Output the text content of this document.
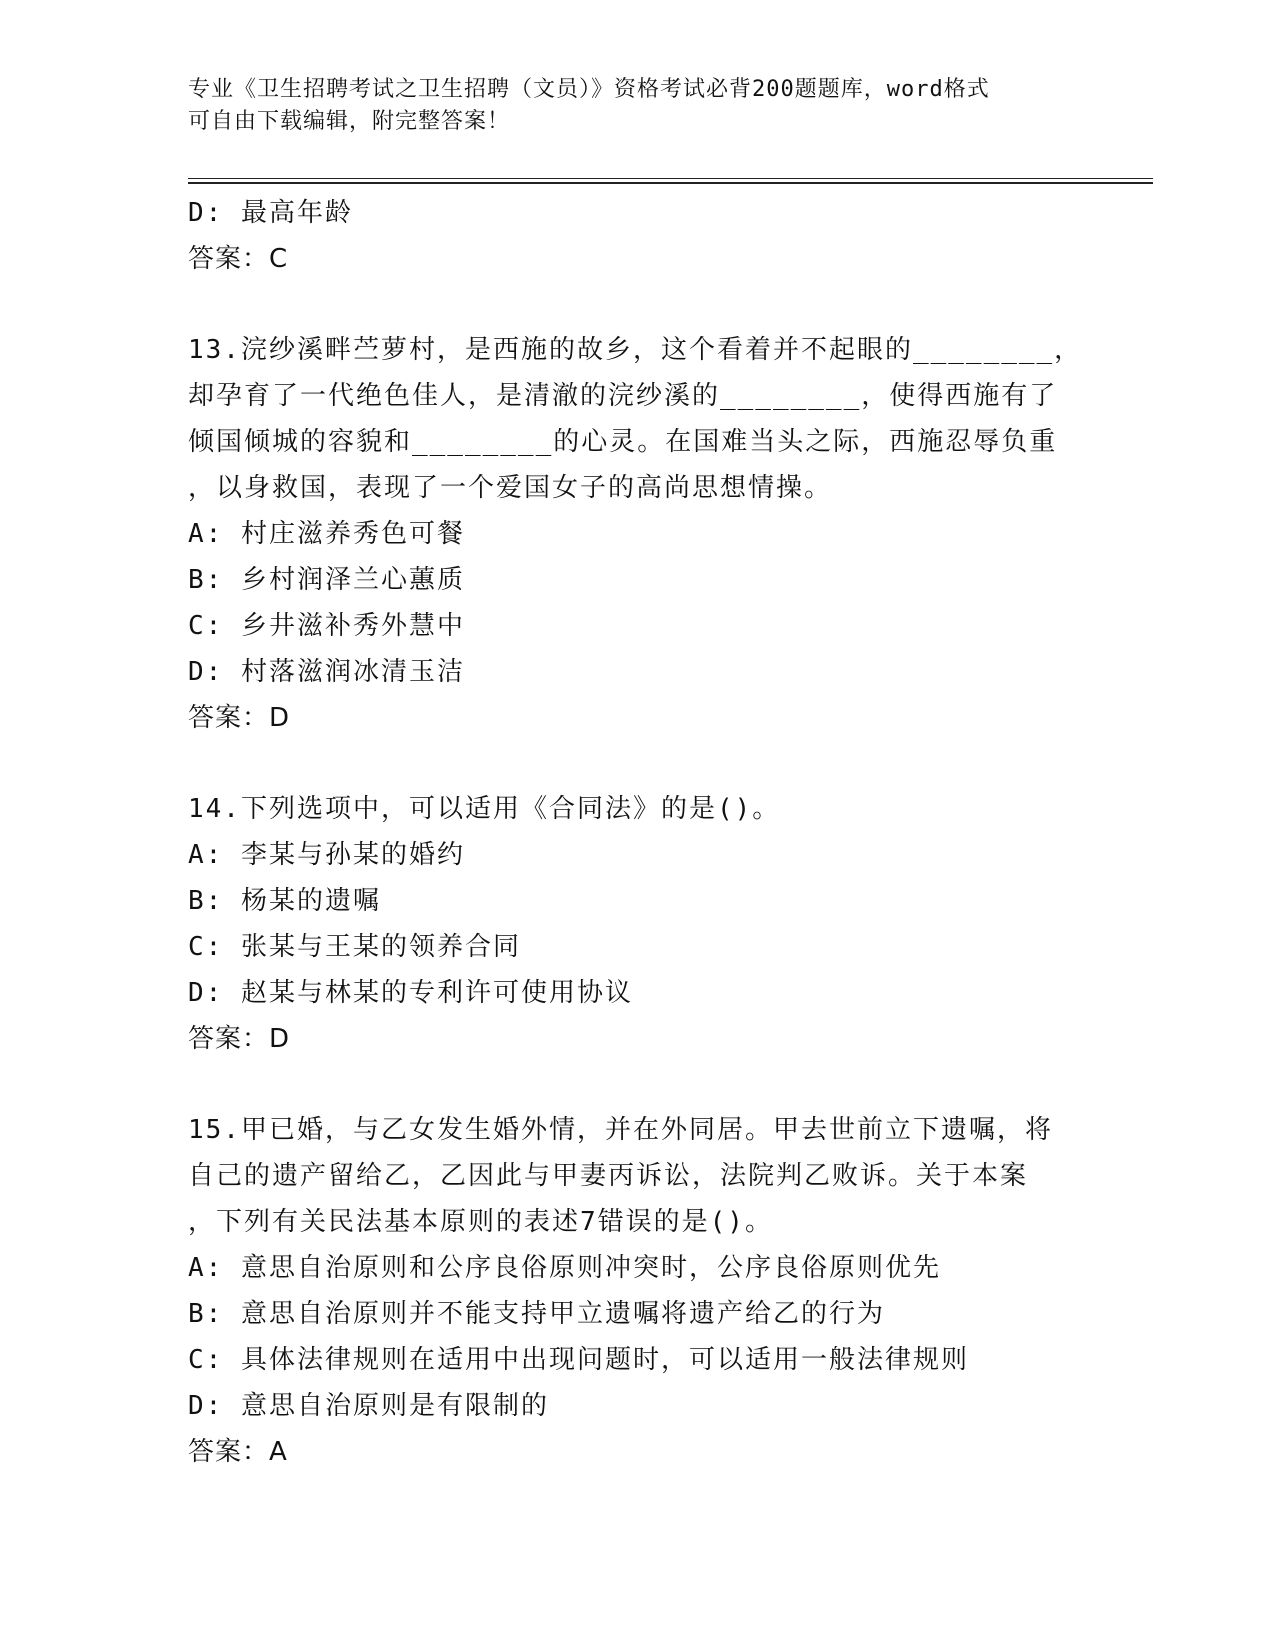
专业《卫生招聘考试之卫生招聘（文员）》资格考试必背200题题库，word格式
可自由下载编辑，附完整答案！
D: 最高年龄
答案：C
13.浣纱溪畔苎萝村，是西施的故乡，这个看着并不起眼的________，
却孕育了一代绝色佳人，是清澈的浣纱溪的________，使得西施有了
倾国倾城的容貌和________的心灵。在国难当头之际，西施忍辱负重
，以身救国，表现了一个爱国女子的高尚思想情操。
A: 村庄滋养秀色可餐
B: 乡村润泽兰心蕙质
C: 乡井滋补秀外慧中
D: 村落滋润冰清玉洁
答案：D
14.下列选项中，可以适用《合同法》的是()。
A: 李某与孙某的婚约
B: 杨某的遗嘱
C: 张某与王某的领养合同
D: 赵某与林某的专利许可使用协议
答案：D
15.甲已婚，与乙女发生婚外情，并在外同居。甲去世前立下遗嘱，将
自己的遗产留给乙，乙因此与甲妻丙诉讼，法院判乙败诉。关于本案
，下列有关民法基本原则的表述7错误的是()。
A: 意思自治原则和公序良俗原则冲突时，公序良俗原则优先
B: 意思自治原则并不能支持甲立遗嘱将遗产给乙的行为
C: 具体法律规则在适用中出现问题时，可以适用一般法律规则
D: 意思自治原则是有限制的
答案：A
